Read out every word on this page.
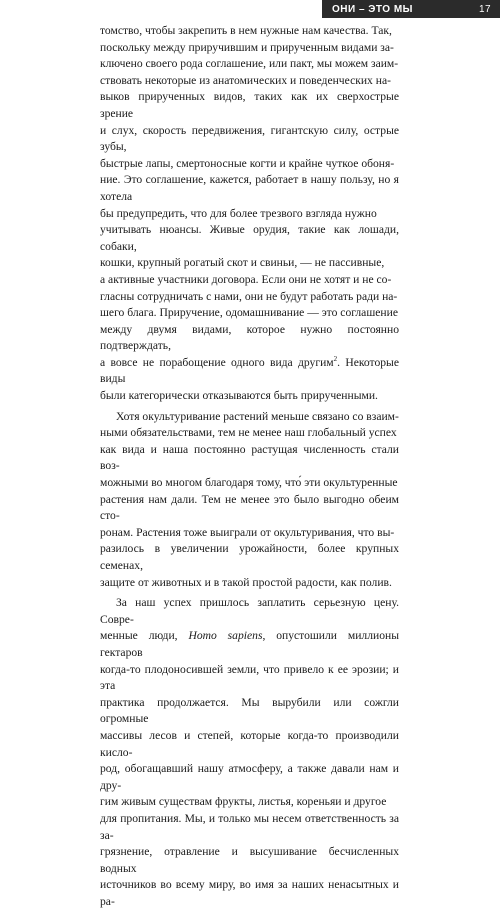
ОНИ – ЭТО МЫ	17

томство, чтобы закрепить в нем нужные нам качества. Так,
поскольку между приручившим и прирученным видами за-
ключено своего рода соглашение, или пакт, мы можем заим-
ствовать некоторые из анатомических и поведенческих на-
выков прирученных видов, таких как их сверхострые зрение
и слух, скорость передвижения, гигантскую силу, острые зубы,
быстрые лапы, смертоносные когти и крайне чуткое обоня-
ние. Это соглашение, кажется, работает в нашу пользу, но я хотела
бы предупредить, что для более трезвого взгляда нужно
учитывать нюансы. Живые орудия, такие как лошади, собаки,
кошки, крупный рогатый скот и свиньи, — не пассивные,
а активные участники договора. Если они не хотят и не со-
гласны сотрудничать с нами, они не будут работать ради на-
шего блага. Приручение, одомашнивание — это соглашение
между двумя видами, которое нужно постоянно подтверждать,
а вовсе не порабощение одного вида другим$^2$. Некоторые виды
были категорически отказываются быть прирученными.

Хотя окультуривание растений меньше связано со взаим-
ными обязательствами, тем не менее наш глобальный успех
как вида и наша постоянно растущая численность стали воз-
можными во многом благодаря тому, что́ эти окультуренные
растения нам дали. Тем не менее это было выгодно обеим сто-
ронам. Растения тоже выиграли от окультуривания, что вы-
разилось в увеличении урожайности, более крупных семенах,
защите от животных и в такой простой радости, как полив.

За наш успех пришлось заплатить серьезную цену. Совре-
менные люди, Homo sapiens, опустошили миллионы гектаров
когда-то плодоносившей земли, что привело к ее эрозии; и эта
практика продолжается. Мы вырубили или сожгли огромные
массивы лесов и степей, которые когда-то производили кисло-
род, обогащавший нашу атмосферу, а также давали нам и дру-
гим живым существам фрукты, листья, кореньяи и другое
для пропитания. Мы, и только мы несем ответственность за за-
грязнение, отравление и высушивание бесчисленных водных
источников во всему миру, во имя за наших ненасытных и ра-
